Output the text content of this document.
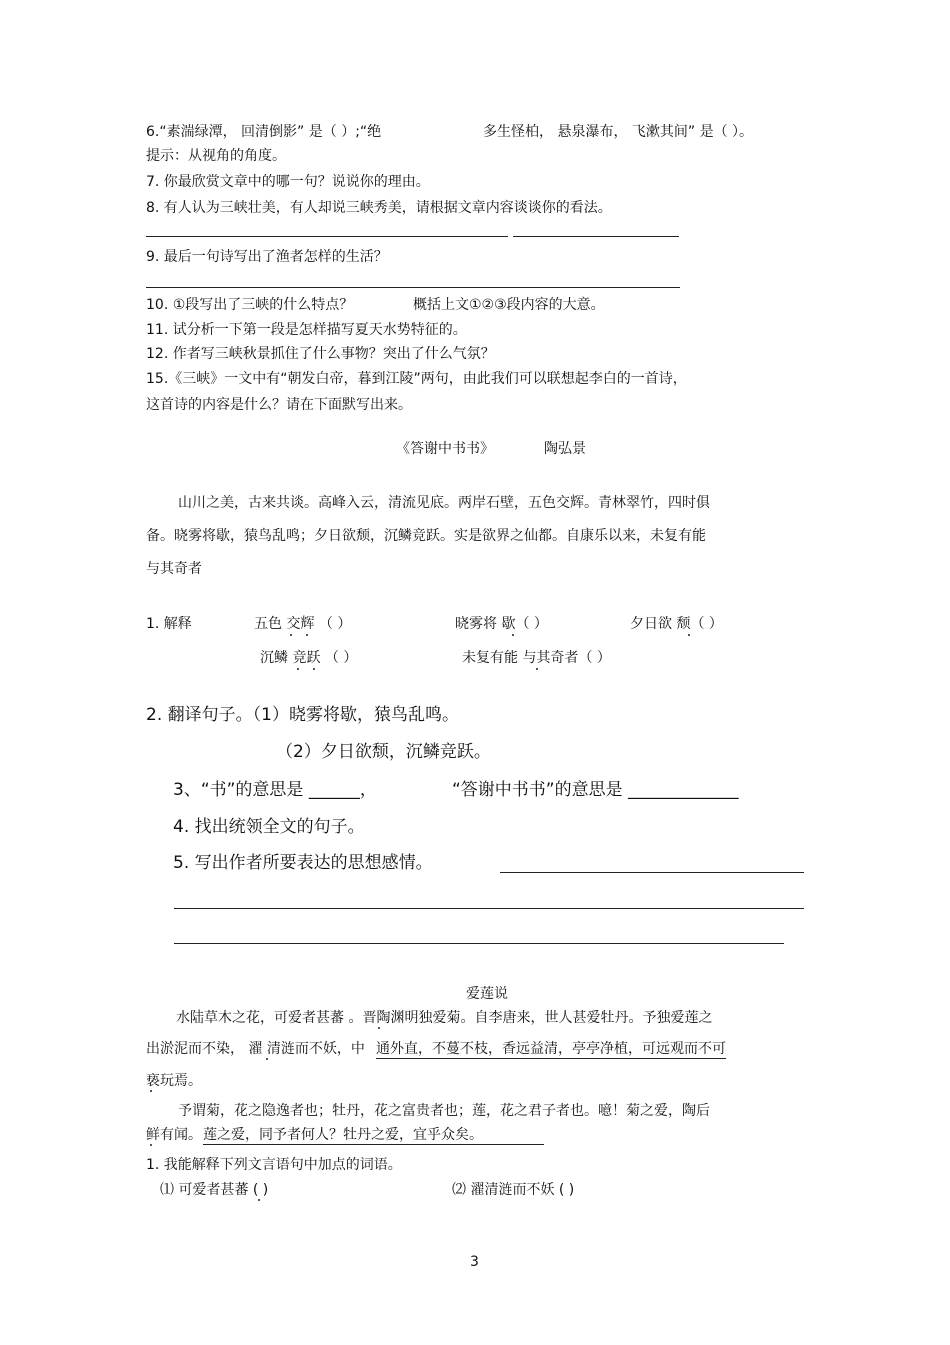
6.“素湍绿潭， 回清倒影” 是（ ）;“绝	多生怪柏， 悬泉瀑布， 飞漱其间” 是（ ）。
提示：从视角的角度。
7. 你最欣赏文章中的哪一句？说说你的理由。
8. 有人认为三峡壮美，有人却说三峡秀美，请根据文章内容谈谈你的看法。
9. 最后一句诗写出了渔者怎样的生活？
10. ①段写出了三峡的什么特点？	概括上文①②③段内容的大意。
11. 试分析一下第一段是怎样描写夏天水势特征的。
12. 作者写三峡秋景抓住了什么事物？突出了什么气氛？
15.《三峡》一文中有“朝发白帝，暮到江陵”两句，由此我们可以联想起李白的一首诗，
这首诗的内容是什么？请在下面默写出来。
《答谢中书书》	陶弘景
山川之美，古来共谈。高峰入云，清流见底。两岸石壁，五色交辉。青林翠竹，四时俱
备。晓雾将歇，猿鸟乱鸣；夕日欲颓，沉鳞竞跃。实是欲界之仙都。自康乐以来，未复有能
与其奇者
1. 解释	五色 交辉 （ ）	晓雾将 歇（ ）	夕日欲 颓（ ）
沉鳞 竞跃 （ ）	未复有能 与其奇者（ ）
2. 翻译句子。（1）晓雾将歇，猿鸟乱鸣。
（2）夕日欲颓，沉鳞竞跃。
3、“书”的意思是 ______，	“答谢中书书”的意思是 _____________
4. 找出统领全文的句子。
5. 写出作者所要表达的思想感情。
爱莲说
水陆草木之花，可爱者甚蕃 。晋陶渊明独爱菊。自李唐来，世人甚爱牡丹。予独爱莲之
出淤泥而不染， 濯 清涟而不妖，中 通外直，不蔓不枝，香远益清，亭亭净植，可远观而不可
亵玩焉。
予谓菊，花之隐逸者也；牡丹，花之富贵者也；莲，花之君子者也。噫！菊之爱，陶后
鲜有闻。 莲之爱，同予者何人？牡丹之爱，宜乎众矣。
1. 我能解释下列文言语句中加点的词语。
⑴ 可爱者甚蕃 ( )	⑵ 濯清涟而不妖 ( )
3
